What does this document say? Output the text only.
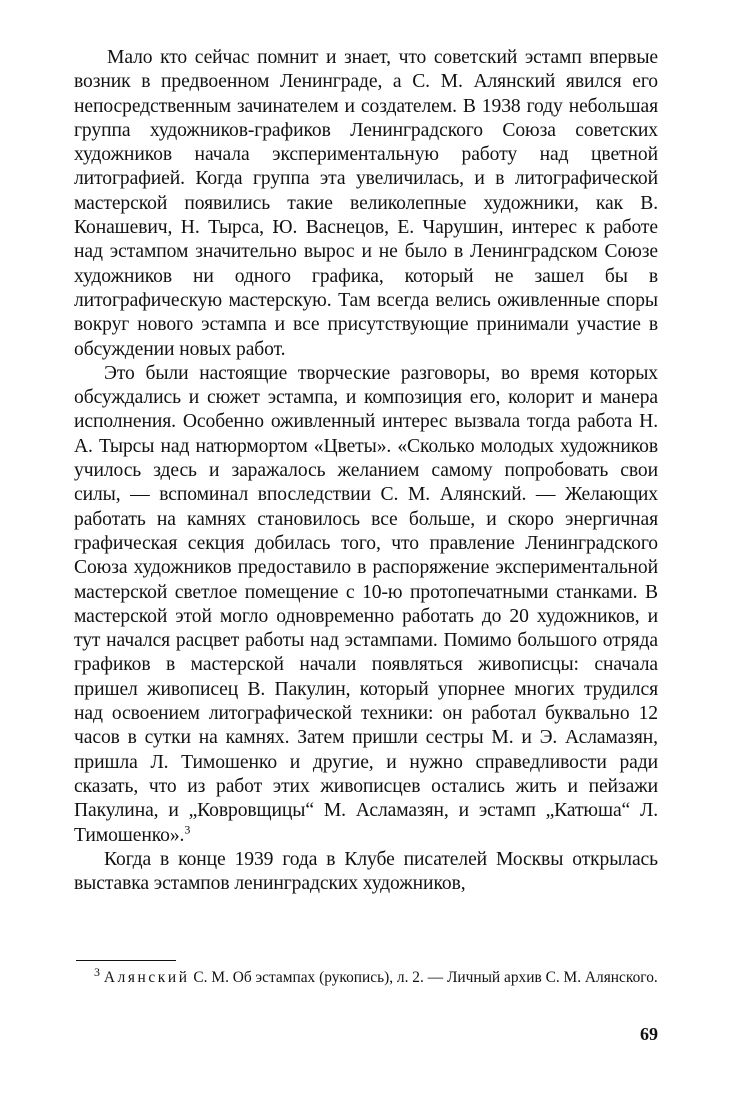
Мало кто сейчас помнит и знает, что советский эстамп впервые возник в предвоенном Ленинграде, а С. М. Алянский явился его непосредственным зачинателем и создателем. В 1938 году небольшая группа художников-графиков Ленинградского Союза советских художников начала экспериментальную работу над цветной литографией. Когда группа эта увеличилась, и в литографической мастерской появились такие великолепные художники, как В. Конашевич, Н. Тырса, Ю. Васнецов, Е. Чарушин, интерес к работе над эстампом значительно вырос и не было в Ленинградском Союзе художников ни одного графика, который не зашел бы в литографическую мастерскую. Там всегда велись оживленные споры вокруг нового эстампа и все присутствующие принимали участие в обсуждении новых работ.

Это были настоящие творческие разговоры, во время которых обсуждались и сюжет эстампа, и композиция его, колорит и манера исполнения. Особенно оживленный интерес вызвала тогда работа Н. А. Тырсы над натюрмортом «Цветы». «Сколько молодых художников училось здесь и заражалось желанием самому попробовать свои силы, — вспоминал впоследствии С. М. Алянский. — Желающих работать на камнях становилось все больше, и скоро энергичная графическая секция добилась того, что правление Ленинградского Союза художников предоставило в распоряжение экспериментальной мастерской светлое помещение с 10-ю протопечатными станками. В мастерской этой могло одновременно работать до 20 художников, и тут начался расцвет работы над эстампами. Помимо большого отряда графиков в мастерской начали появляться живописцы: сначала пришел живописец В. Пакулин, который упорнее многих трудился над освоением литографической техники: он работал буквально 12 часов в сутки на камнях. Затем пришли сестры М. и Э. Асламазян, пришла Л. Тимошенко и другие, и нужно справедливости ради сказать, что из работ этих живописцев остались жить и пейзажи Пакулина, и „Ковровщицы“ М. Асламазян, и эстамп „Катюша“ Л. Тимошенко».$^3$

Когда в конце 1939 года в Клубе писателей Москвы открылась выставка эстампов ленинградских художников,

$^3$ Алянский С. М. Об эстампах (рукопись), л. 2. — Личный архив С. М. Алянского.
69
